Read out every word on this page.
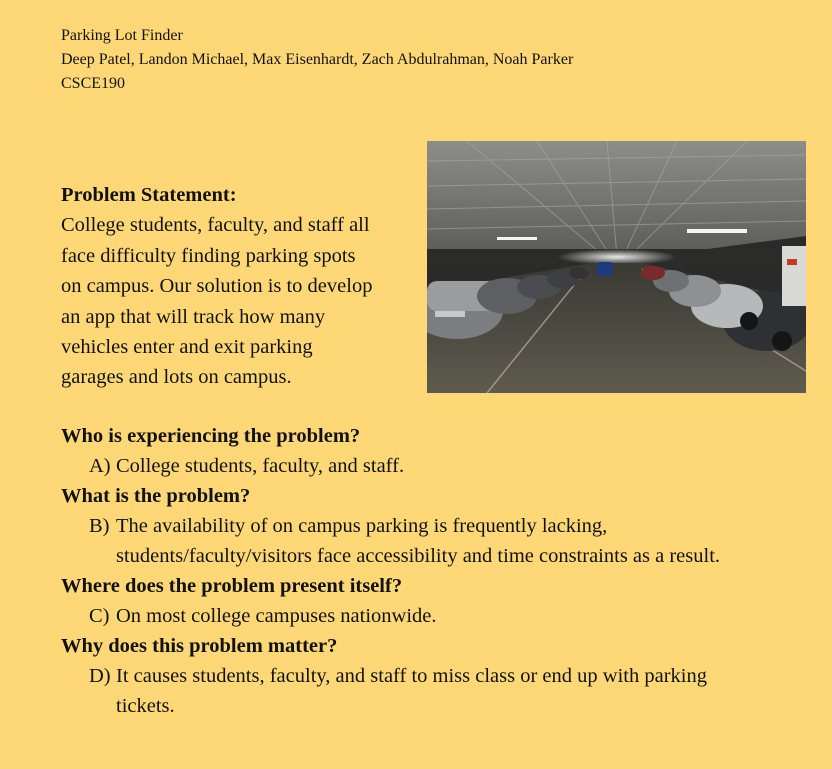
Parking Lot Finder
Deep Patel, Landon Michael, Max Eisenhardt, Zach Abdulrahman, Noah Parker
CSCE190
Problem Statement:
College students, faculty, and staff all
face difficulty finding parking spots
on campus. Our solution is to develop
an app that will track how many
vehicles enter and exit parking
garages and lots on campus.
Who is experiencing the problem?
A) College students, faculty, and staff.
What is the problem?
B) The availability of on campus parking is frequently lacking, students/faculty/visitors face accessibility and time constraints as a result.
Where does the problem present itself?
C) On most college campuses nationwide.
Why does this problem matter?
D) It causes students, faculty, and staff to miss class or end up with parking tickets.
